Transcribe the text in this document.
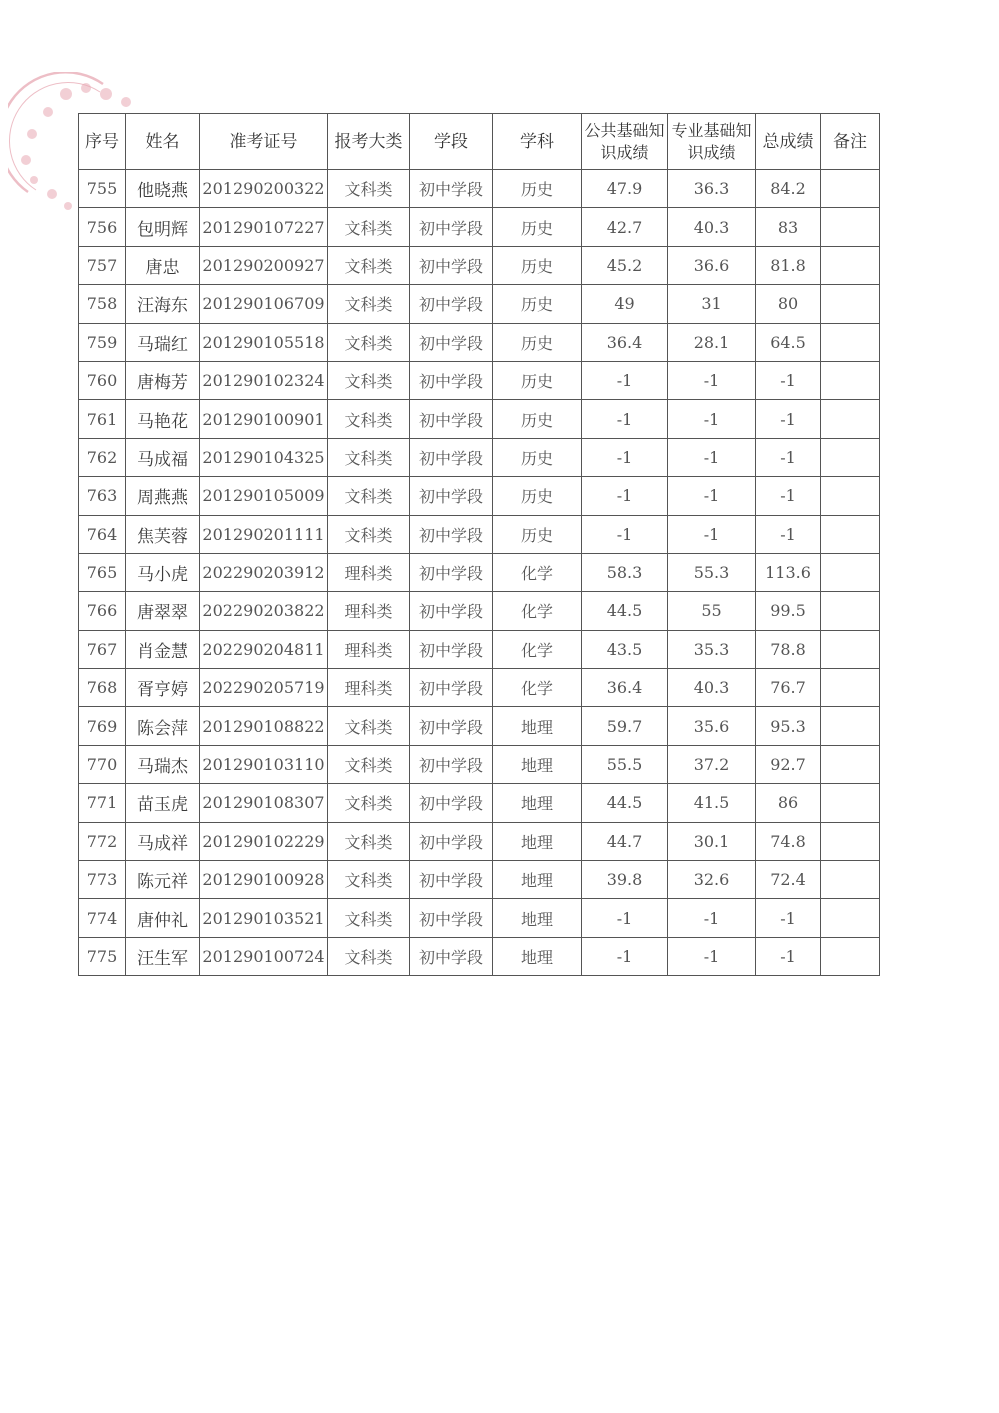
序号	姓名	准考证号	报考大类	学段	学科	公共基础知识成绩	专业基础知识成绩	总成绩	备注
755	他晓燕	201290200322	文科类	初中学段	历史	47.9	36.3	84.2	
756	包明辉	201290107227	文科类	初中学段	历史	42.7	40.3	83	
757	唐忠	201290200927	文科类	初中学段	历史	45.2	36.6	81.8	
758	汪海东	201290106709	文科类	初中学段	历史	49	31	80	
759	马瑞红	201290105518	文科类	初中学段	历史	36.4	28.1	64.5	
760	唐梅芳	201290102324	文科类	初中学段	历史	-1	-1	-1	
761	马艳花	201290100901	文科类	初中学段	历史	-1	-1	-1	
762	马成福	201290104325	文科类	初中学段	历史	-1	-1	-1	
763	周燕燕	201290105009	文科类	初中学段	历史	-1	-1	-1	
764	焦芙蓉	201290201111	文科类	初中学段	历史	-1	-1	-1	
765	马小虎	202290203912	理科类	初中学段	化学	58.3	55.3	113.6	
766	唐翠翠	202290203822	理科类	初中学段	化学	44.5	55	99.5	
767	肖金慧	202290204811	理科类	初中学段	化学	43.5	35.3	78.8	
768	胥亨婷	202290205719	理科类	初中学段	化学	36.4	40.3	76.7	
769	陈会萍	201290108822	文科类	初中学段	地理	59.7	35.6	95.3	
770	马瑞杰	201290103110	文科类	初中学段	地理	55.5	37.2	92.7	
771	苗玉虎	201290108307	文科类	初中学段	地理	44.5	41.5	86	
772	马成祥	201290102229	文科类	初中学段	地理	44.7	30.1	74.8	
773	陈元祥	201290100928	文科类	初中学段	地理	39.8	32.6	72.4	
774	唐仲礼	201290103521	文科类	初中学段	地理	-1	-1	-1	
775	汪生军	201290100724	文科类	初中学段	地理	-1	-1	-1	
